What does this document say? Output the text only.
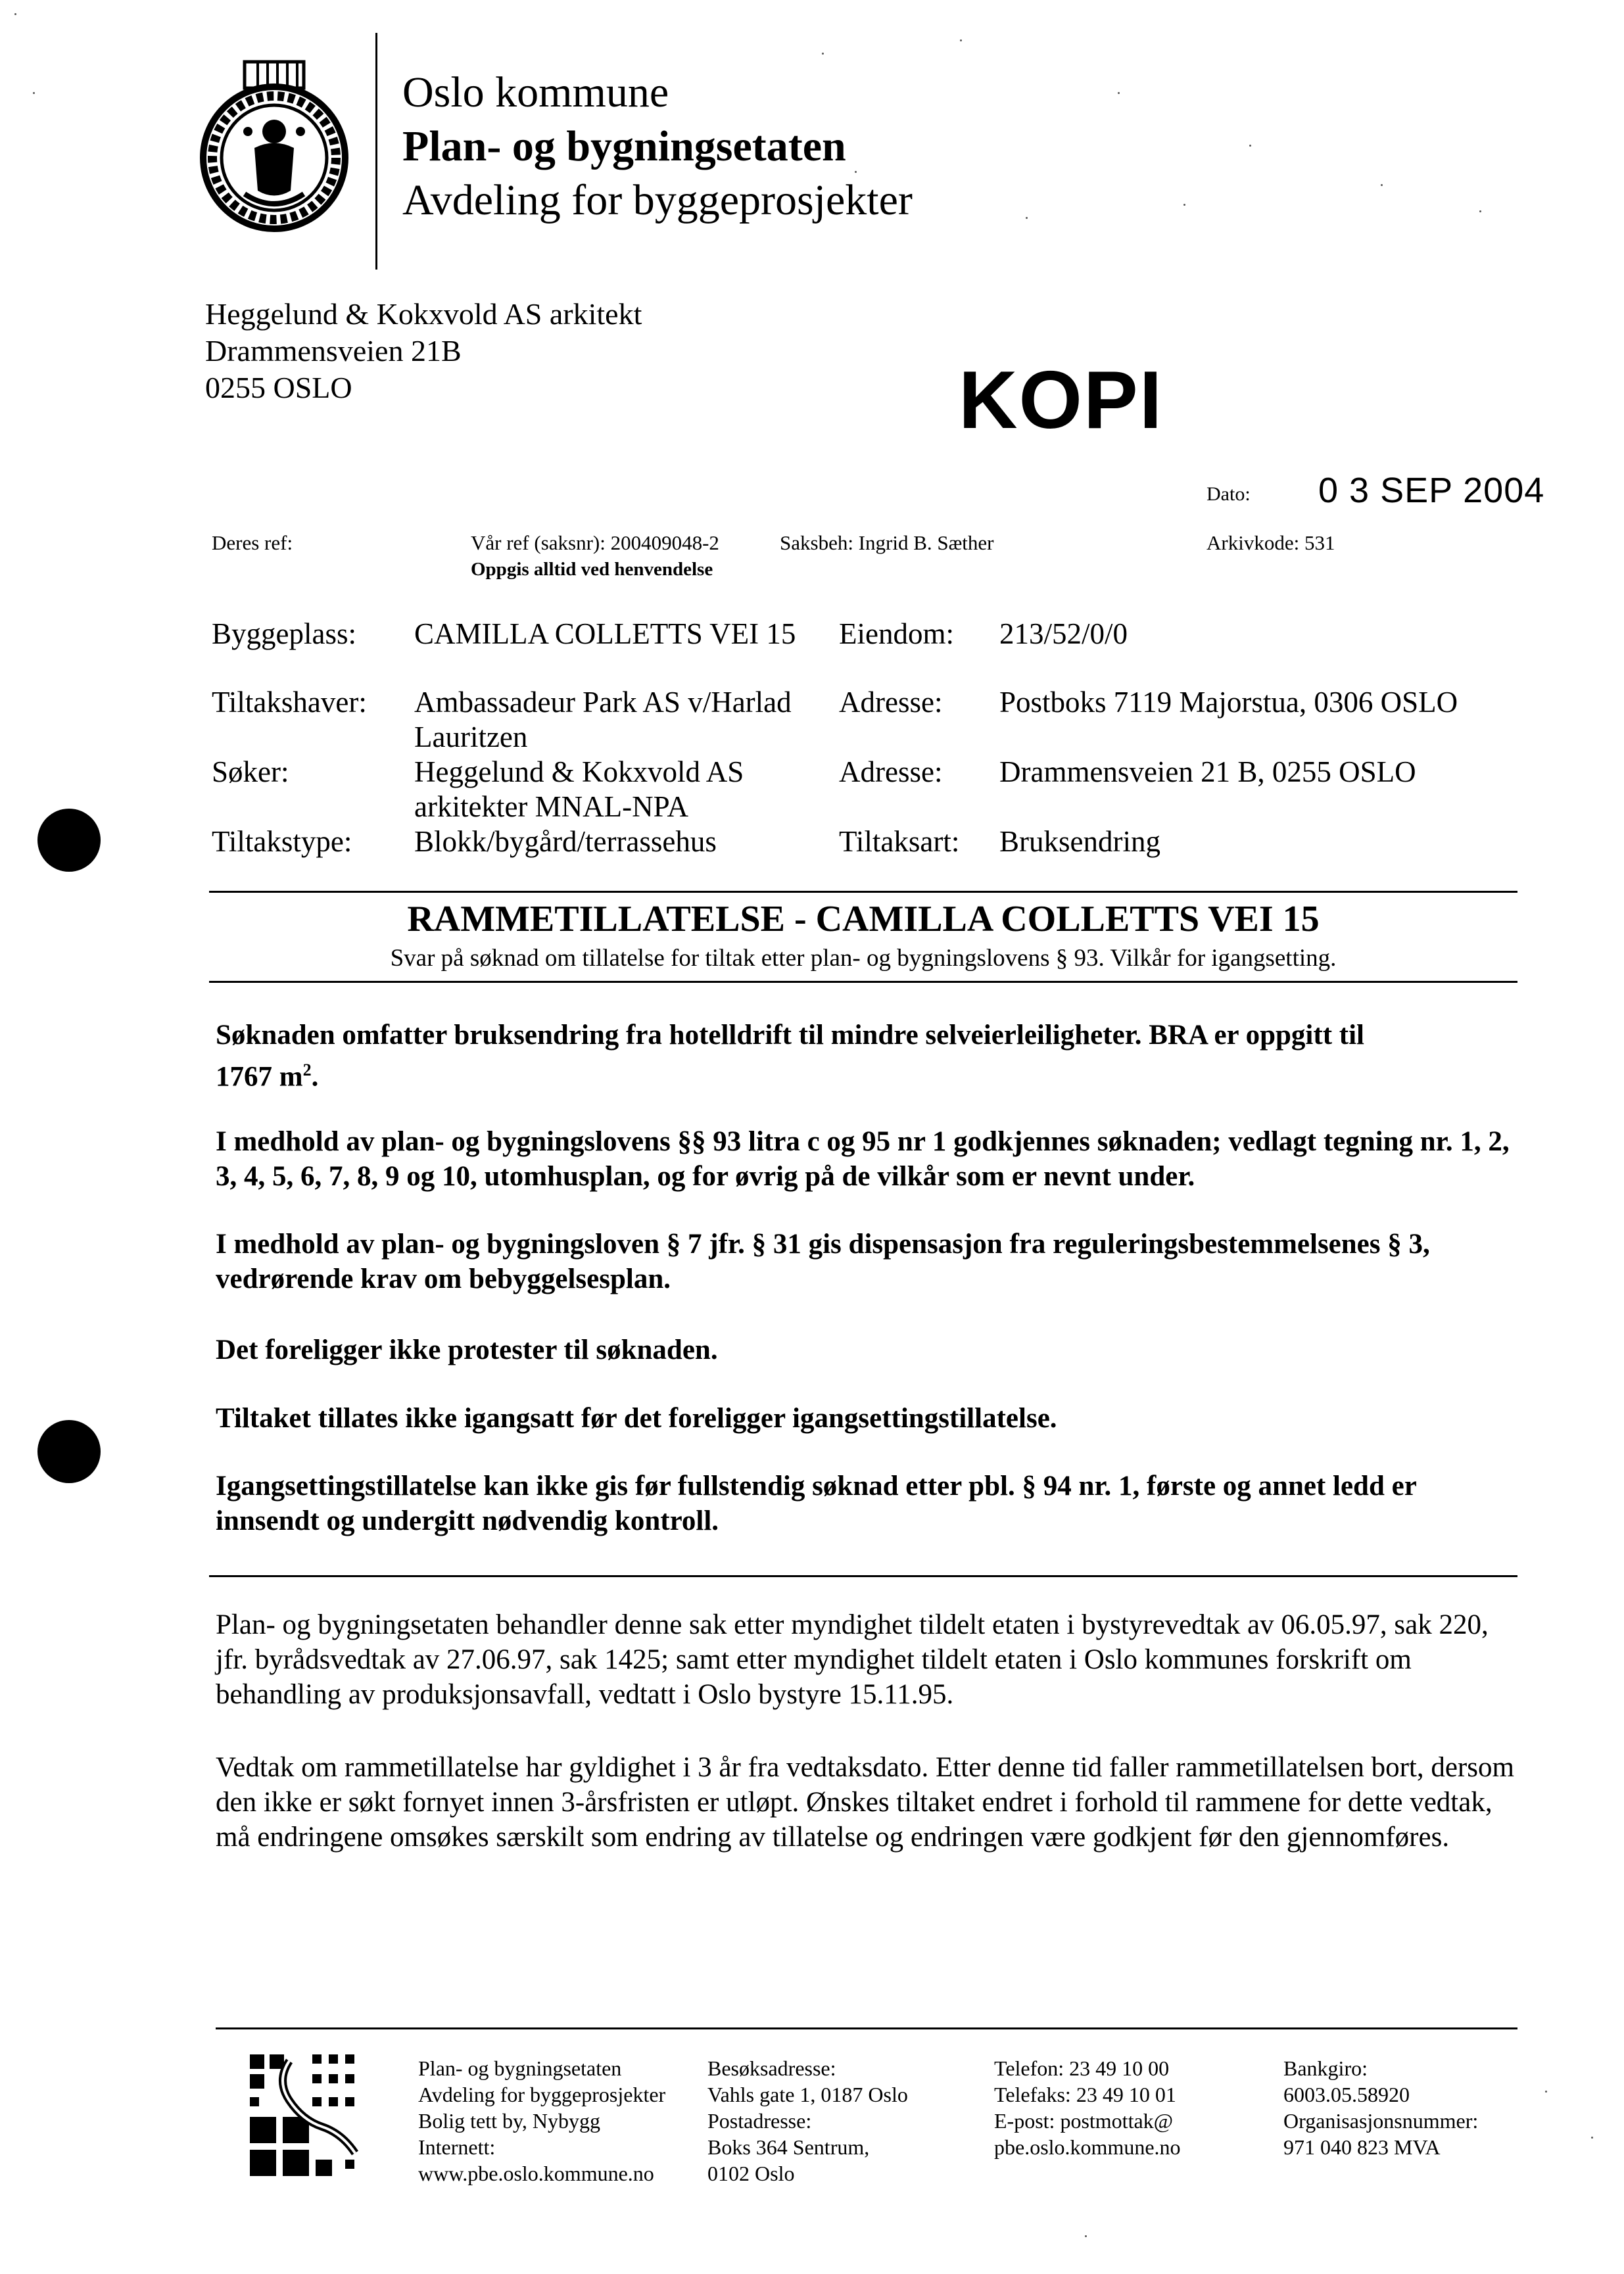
Oslo kommune
Plan- og bygningsetaten
Avdeling for byggeprosjekter
Heggelund & Kokxvold AS arkitekt
Drammensveien 21B
0255 OSLO	KOPI
Dato: 0 3 SEP 2004
Deres ref:	Vår ref (saksnr): 200409048-2
Oppgis alltid ved henvendelse
Saksbeh: Ingrid B. Sæther	Arkivkode: 531
Byggeplass: CAMILLA COLLETTS VEI 15 Eiendom: 213/52/0/0
Tiltakshaver: Ambassadeur Park AS v/Harlad
Lauritzen
Adresse: Postboks 7119 Majorstua, 0306 OSLO
Søker:	Heggelund & Kokxvold AS
arkitekter MNAL-NPA
Adresse: Drammensveien 21 B, 0255 OSLO
Tiltakstype: Blokk/bygård/terrassehus	Tiltaksart: Bruksendring
RAMMETILLATELSE - CAMILLA COLLETTS VEI 15
Svar på søknad om tillatelse for tiltak etter plan- og bygningslovens § 93. Vilkår for igangsetting.
Søknaden omfatter bruksendring fra hotelldrift til mindre selveierleiligheter. BRA er oppgitt til
1767 $m^2$.
I medhold av plan- og bygningslovens §§ 93 litra c og 95 nr 1 godkjennes søknaden; vedlagt tegning nr. 1, 2, 3, 4, 5, 6, 7, 8, 9 og 10, utomhusplan, og for øvrig på de vilkår som er nevnt under.
I medhold av plan- og bygningsloven § 7 jfr. § 31 gis dispensasjon fra reguleringsbestemmelsenes § 3, vedrørende krav om bebyggelsesplan.
Det foreligger ikke protester til søknaden.
Tiltaket tillates ikke igangsatt før det foreligger igangsettingstillatelse.
Igangsettingstillatelse kan ikke gis før fullstendig søknad etter pbl. § 94 nr. 1, første og annet ledd er innsendt og undergitt nødvendig kontroll.
Plan- og bygningsetaten behandler denne sak etter myndighet tildelt etaten i bystyrevedtak av 06.05.97, sak 220, jfr. byrådsvedtak av 27.06.97, sak 1425; samt etter myndighet tildelt etaten i Oslo kommunes forskrift om behandling av produksjonsavfall, vedtatt i Oslo bystyre 15.11.95.
Vedtak om rammetillatelse har gyldighet i 3 år fra vedtaksdato. Etter denne tid faller rammetillatelsen bort, dersom den ikke er søkt fornyet innen 3-årsfristen er utløpt. Ønskes tiltaket endret i forhold til rammene for dette vedtak, må endringene omsøkes særskilt som endring av tillatelse og endringen være godkjent før den gjennomføres.
Plan- og bygningsetaten
Avdeling for byggeprosjekter
Bolig tett by, Nybygg
Internett:
www.pbe.oslo.kommune.no
Besøksadresse:
Vahls gate 1, 0187 Oslo
Postadresse:
Boks 364 Sentrum,
0102 Oslo
Telefon: 23 49 10 00
Telefaks: 23 49 10 01
E-post: postmottak@
pbe.oslo.kommune.no
Bankgiro:
6003.05.58920
Organisasjonsnummer:
971 040 823 MVA
